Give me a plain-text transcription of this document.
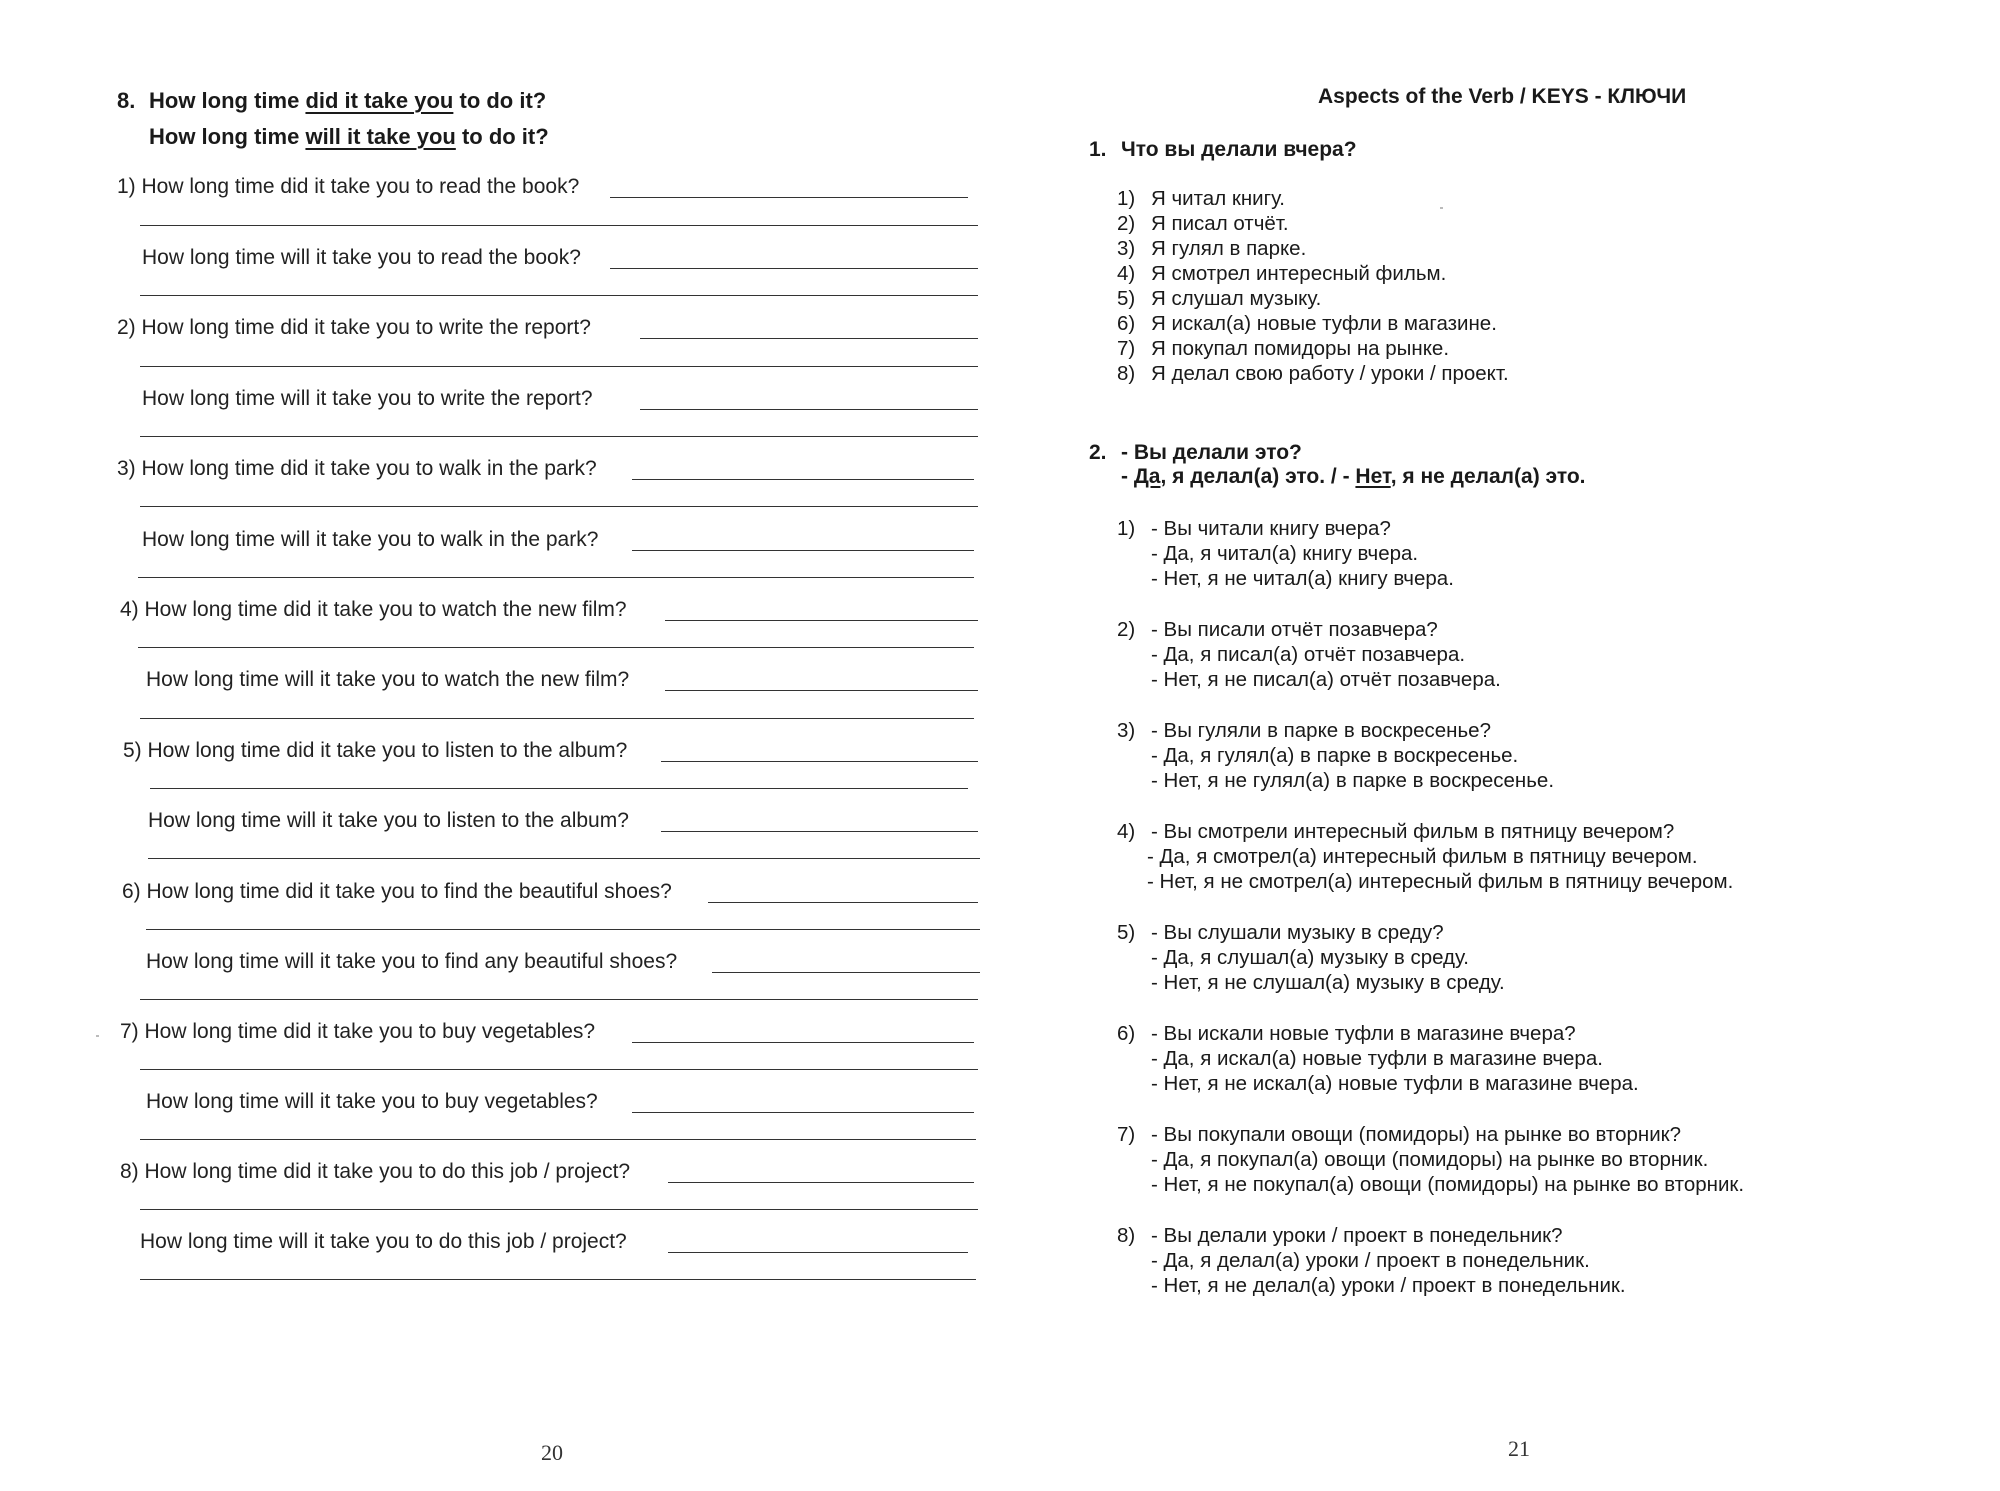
8. How long time did it take you to do it?
How long time will it take you to do it?
1) How long time did it take you to read the book?
How long time will it take you to read the book?
2) How long time did it take you to write the report?
How long time will it take you to write the report?
3) How long time did it take you to walk in the park?
How long time will it take you to walk in the park?
4) How long time did it take you to watch the new film?
How long time will it take you to watch the new film?
5) How long time did it take you to listen to the album?
How long time will it take you to listen to the album?
6) How long time did it take you to find the beautiful shoes?
How long time will it take you to find any beautiful shoes?
7) How long time did it take you to buy vegetables?
How long time will it take you to buy vegetables?
8) How long time did it take you to do this job / project?
How long time will it take you to do this job / project?
20
Aspects of the Verb / KEYS - КЛЮЧИ
1. Что вы делали вчера?
1) Я читал книгу.
2) Я писал отчёт.
3) Я гулял в парке.
4) Я смотрел интересный фильм.
5) Я слушал музыку.
6) Я искал(а) новые туфли в магазине.
7) Я покупал помидоры на рынке.
8) Я делал свою работу / уроки / проект.
2. - Вы делали это?
- Да, я делал(а) это. / - Нет, я не делал(а) это.
1) - Вы читали книгу вчера?
- Да, я читал(а) книгу вчера.
- Нет, я не читал(а) книгу вчера.
2) - Вы писали отчёт позавчера?
- Да, я писал(а) отчёт позавчера.
- Нет, я не писал(а) отчёт позавчера.
3) - Вы гуляли в парке в воскресенье?
- Да, я гулял(а) в парке в воскресенье.
- Нет, я не гулял(а) в парке в воскресенье.
4) - Вы смотрели интересный фильм в пятницу вечером?
- Да, я смотрел(а) интересный фильм в пятницу вечером.
- Нет, я не смотрел(а) интересный фильм в пятницу вечером.
5) - Вы слушали музыку в среду?
- Да, я слушал(а) музыку в среду.
- Нет, я не слушал(а) музыку в среду.
6) - Вы искали новые туфли в магазине вчера?
- Да, я искал(а) новые туфли в магазине вчера.
- Нет, я не искал(а) новые туфли в магазине вчера.
7) - Вы покупали овощи (помидоры) на рынке во вторник?
- Да, я покупал(а) овощи (помидоры) на рынке во вторник.
- Нет, я не покупал(а) овощи (помидоры) на рынке во вторник.
8) - Вы делали уроки / проект в понедельник?
- Да, я делал(а) уроки / проект в понедельник.
- Нет, я не делал(а) уроки / проект в понедельник.
21
